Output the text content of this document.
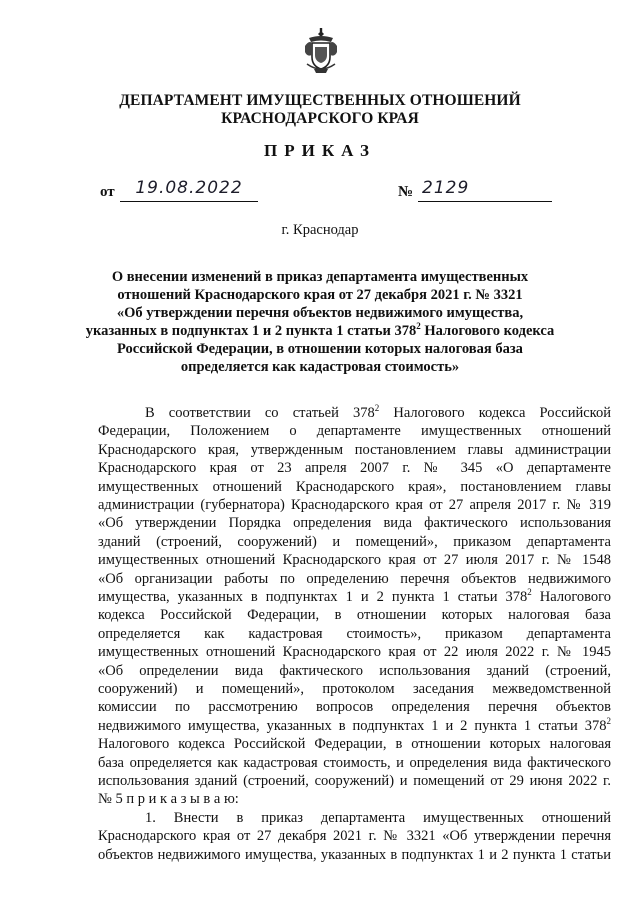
ДЕПАРТАМЕНТ ИМУЩЕСТВЕННЫХ ОТНОШЕНИЙ
КРАСНОДАРСКОГО КРАЯ
ПРИКАЗ
от	19.08.2022	№ 2129
г. Краснодар
О внесении изменений в приказ департамента имущественных
отношений Краснодарского края от 27 декабря 2021 г. № 3321
«Об утверждении перечня объектов недвижимого имущества,
указанных в подпунктах 1 и 2 пункта 1 статьи $378^2$ Налогового кодекса
Российской Федерации, в отношении которых налоговая база
определяется как кадастровая стоимость»
В соответствии со статьей $378^2$ Налогового кодекса Российской
Федерации, Положением о департаменте имущественных отношений
Краснодарского края, утвержденным постановлением главы администрации
Краснодарского края от 23 апреля 2007 г. № 345 «О департаменте
имущественных отношений Краснодарского края», постановлением главы
администрации (губернатора) Краснодарского края от 27 апреля 2017 г. № 319
«Об утверждении Порядка определения вида фактического использования
зданий (строений, сооружений) и помещений», приказом департамента
имущественных отношений Краснодарского края от 27 июля 2017 г. № 1548
«Об организации работы по определению перечня объектов недвижимого
имущества, указанных в подпунктах 1 и 2 пункта 1 статьи $378^2$ Налогового
кодекса Российской Федерации, в отношении которых налоговая база
определяется как кадастровая стоимость», приказом департамента
имущественных отношений Краснодарского края от 22 июля 2022 г. № 1945
«Об определении вида фактического использования зданий (строений,
сооружений) и помещений», протоколом заседания межведомственной
комиссии по рассмотрению вопросов определения перечня объектов
недвижимого имущества, указанных в подпунктах 1 и 2 пункта 1 статьи $378^2$
Налогового кодекса Российской Федерации, в отношении которых налоговая
база определяется как кадастровая стоимость, и определения вида фактического
использования зданий (строений, сооружений) и помещений от 29 июня 2022 г.
№ 5 п р и к а з ы в а ю:
1. Внести в приказ департамента имущественных отношений
Краснодарского края от 27 декабря 2021 г. № 3321 «Об утверждении перечня
объектов недвижимого имущества, указанных в подпунктах 1 и 2 пункта 1 статьи
